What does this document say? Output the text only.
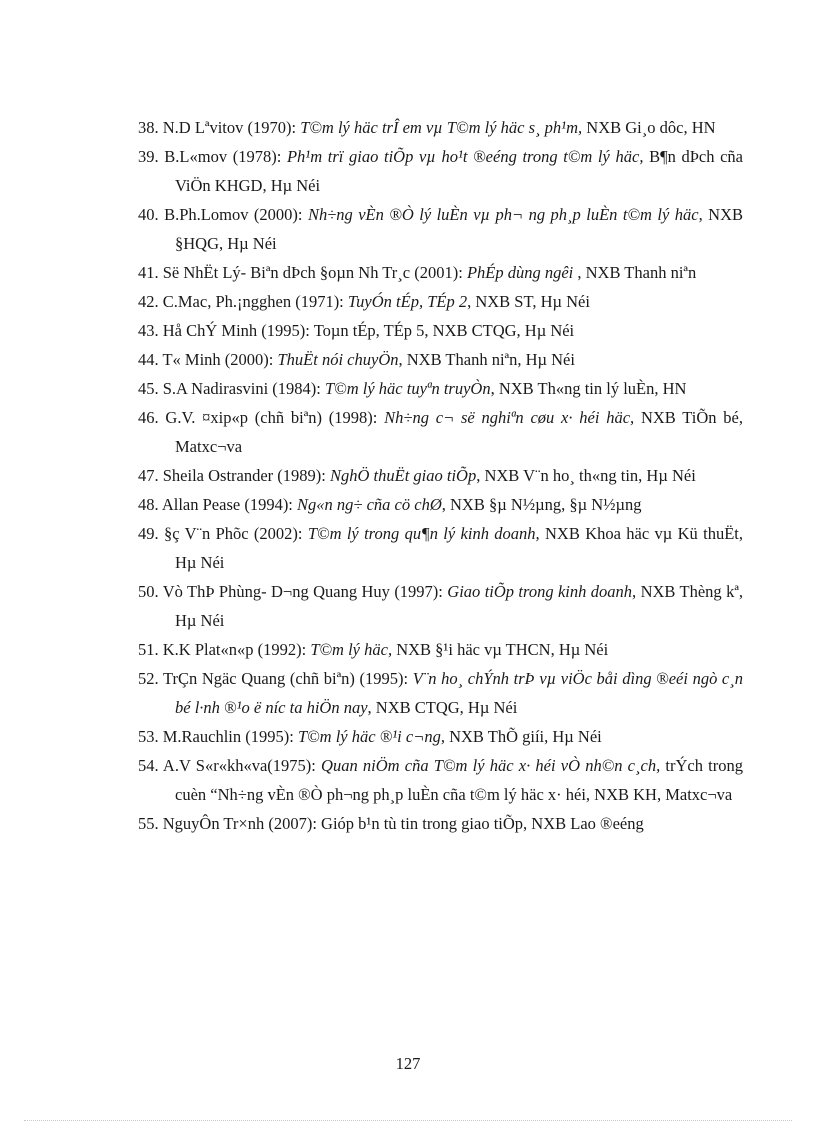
38. N.D Lªvitov (1970): T©m lý häc trÎ em vµ T©m lý häc s¸ ph¹m, NXB Gi¸o dôc, HN

39. B.L«mov (1978): Ph¹m trï giao tiÕp vµ ho¹t ®eéng trong t©m lý häc, B¶n dÞch cña ViÖn KHGD, Hµ Néi

40. B.Ph.Lomov (2000): Nh÷ng vÈn ®Ò lý luÈn vµ ph¬ ng ph¸p luÈn t©m lý häc, NXB §HQG, Hµ Néi

41. Së NhËt Lý- Biªn dÞch §oµn Nh Tr¸c (2001): PhÉp dùng ngêi , NXB Thanh niªn

42. C.Mac, Ph.¡ngghen (1971): TuyÓn tÉp, TÉp 2, NXB ST, Hµ Néi

43. Hå ChÝ Minh (1995): Toµn tÉp, TÉp 5, NXB CTQG, Hµ Néi

44. T« Minh (2000): ThuËt nói chuyÖn, NXB Thanh niªn, Hµ Néi

45. S.A Nadirasvini (1984): T©m lý häc tuyªn truyÒn, NXB Th«ng tin lý luÈn, HN

46. G.V. ¤xip«p (chñ biªn) (1998): Nh÷ng c¬ së nghiªn cøu x· héi häc, NXB TiÕn bé, Matxc¬va

47. Sheila Ostrander (1989): NghÖ thuËt giao tiÕp, NXB V¨n ho¸ th«ng tin, Hµ Néi

48. Allan Pease (1994): Ng«n ng÷ cña cö chØ, NXB §µ N½µng, §µ N½µng

49. §ç V¨n Phõc (2002): T©m lý trong qu¶n lý kinh doanh, NXB Khoa häc vµ Kü thuËt, Hµ Néi

50. Vò ThÞ Phùng- D¬ng Quang Huy (1997): Giao tiÕp trong kinh doanh, NXB Thèng kª, Hµ Néi

51. K.K Plat«n«p (1992): T©m lý häc, NXB §¹i häc vµ THCN, Hµ Néi

52. TrÇn Ngäc Quang (chñ biªn) (1995): V¨n ho¸ chÝnh trÞ vµ viÖc båi dìng ®eéi ngò c¸n bé l·nh ®¹o ë níc ta hiÖn nay, NXB CTQG, Hµ Néi

53. M.Rauchlin (1995): T©m lý häc ®¹i c¬ng, NXB ThÕ giíi, Hµ Néi

54. A.V S«r«kh«va(1975): Quan niÖm cña T©m lý häc x· héi vÒ nh©n c¸ch, trÝch trong cuèn “Nh÷ng vÈn ®Ò ph¬ng ph¸p luÈn cña t©m lý häc x· héi, NXB KH, Matxc¬va

55. NguyÔn Tr×nh (2007): Gióp b¹n tù tin trong giao tiÕp, NXB Lao ®eéng

127
